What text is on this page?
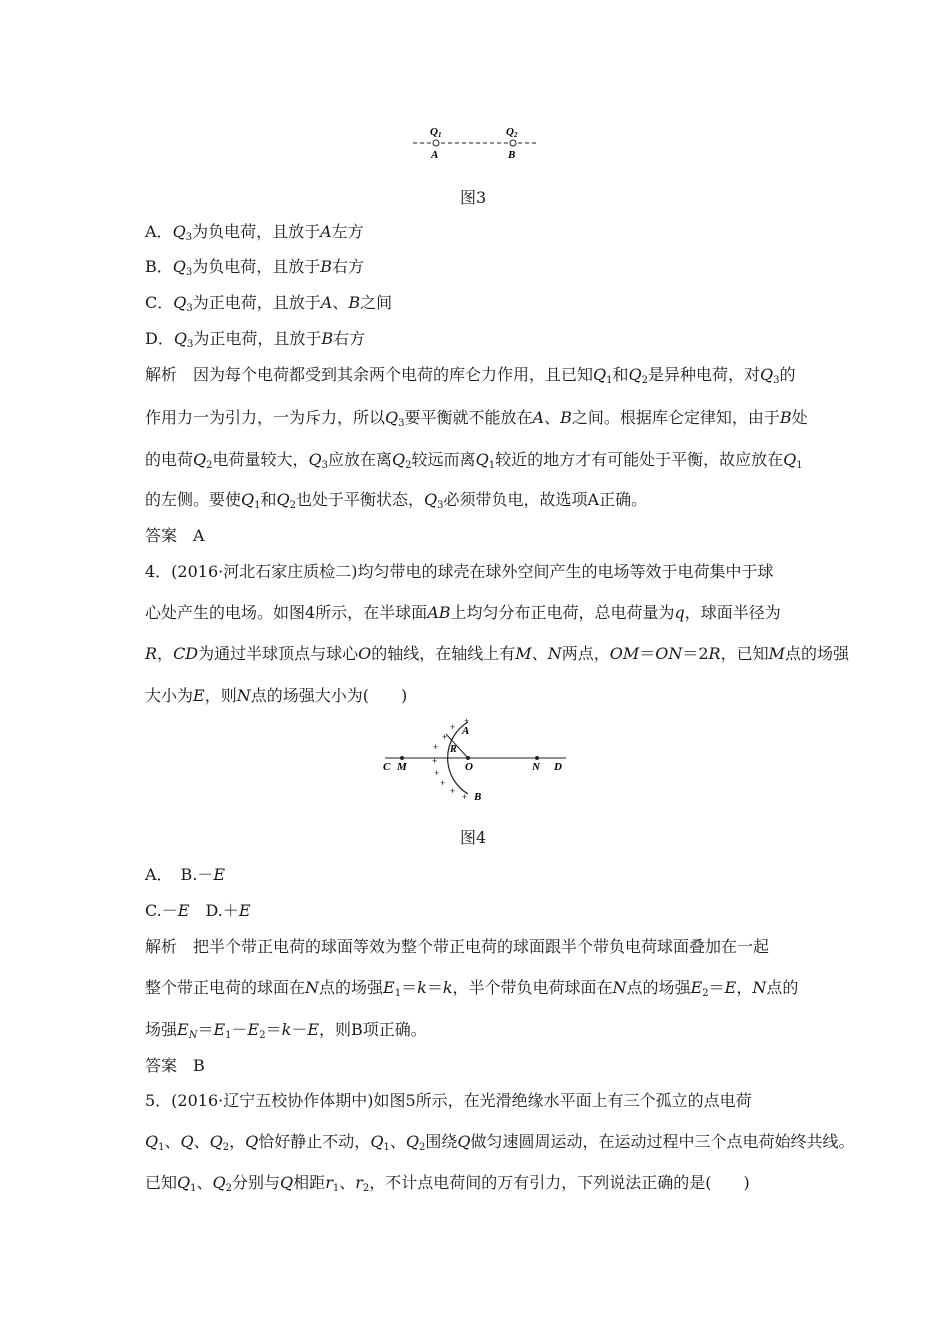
Q1	Q2
A	B
图3
A．$Q_3$为负电荷，且放于A左方
B．$Q_3$为负电荷，且放于B右方
C．$Q_3$为正电荷，且放于A、B之间
D．$Q_3$为正电荷，且放于B右方
解析　因为每个电荷都受到其余两个电荷的库仑力作用，且已知$Q_1$和$Q_2$是异种电荷，对$Q_3$的
作用力一为引力，一为斥力，所以$Q_3$要平衡就不能放在A、B之间。根据库仑定律知，由于B处
的电荷$Q_2$电荷量较大，$Q_3$应放在离$Q_2$较远而离$Q_1$较近的地方才有可能处于平衡，故应放在$Q_1$
的左侧。要使$Q_1$和$Q_2$也处于平衡状态，$Q_3$必须带负电，故选项A正确。
答案　 A
4．(2016·河北石家庄质检二)均匀带电的球壳在球外空间产生的电场等效于电荷集中于球
心处产生的电场。如图4所示，在半球面AB上均匀分布正电荷，总电荷量为q，球面半径为
R，CD为通过半球顶点与球心O的轴线，在轴线上有M、N两点，OM＝ON＝2R，已知M点的场强
大小为E，则N点的场强大小为(　　)
C M	O	N D
A
B
R
+
+
+
+
+
+
+
+
+
图4
A．　B.－E
C.－E　D.＋E
解析　把半个带正电荷的球面等效为整个带正电荷的球面跟半个带负电荷球面叠加在一起
整个带正电荷的球面在N点的场强$E_1=k=k$，半个带负电荷球面在N点的场强$E_2=E$，N点的
场强$E_N=E_1-E_2=k-E$，则B项正确。
答案　 B
5．(2016·辽宁五校协作体期中)如图5所示，在光滑绝缘水平面上有三个孤立的点电荷
$Q_1$、Q、$Q_2$，Q恰好静止不动，$Q_1$、$Q_2$围绕Q做匀速圆周运动，在运动过程中三个点电荷始终共线。
已知$Q_1$、$Q_2$分别与Q相距$r_1$、$r_2$，不计点电荷间的万有引力，下列说法正确的是(　　)
